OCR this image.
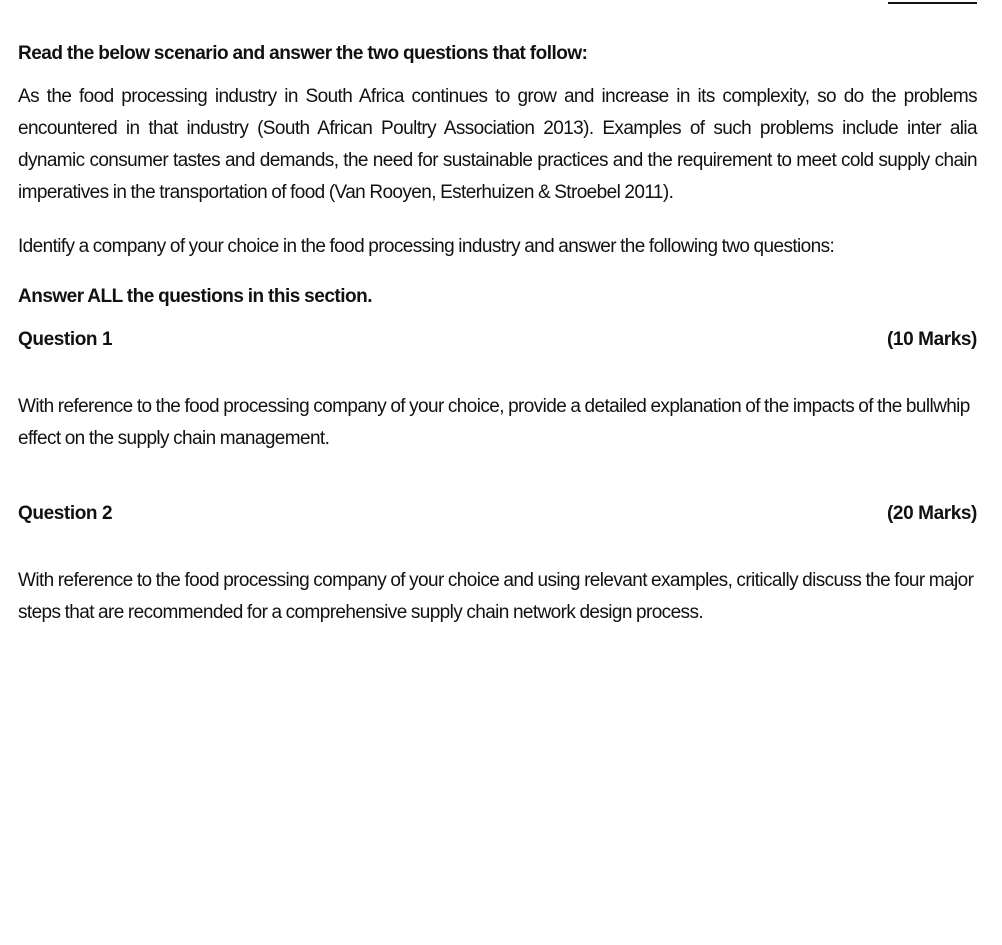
Read the below scenario and answer the two questions that follow:
As the food processing industry in South Africa continues to grow and increase in its complexity, so do the problems encountered in that industry (South African Poultry Association 2013). Examples of such problems include inter alia dynamic consumer tastes and demands, the need for sustainable practices and the requirement to meet cold supply chain imperatives in the transportation of food (Van Rooyen, Esterhuizen & Stroebel 2011).
Identify a company of your choice in the food processing industry and answer the following two questions:
Answer ALL the questions in this section.
Question 1	(10 Marks)
With reference to the food processing company of your choice, provide a detailed explanation of the impacts of the bullwhip effect on the supply chain management.
Question 2	(20 Marks)
With reference to the food processing company of your choice and using relevant examples, critically discuss the four major steps that are recommended for a comprehensive supply chain network design process.
